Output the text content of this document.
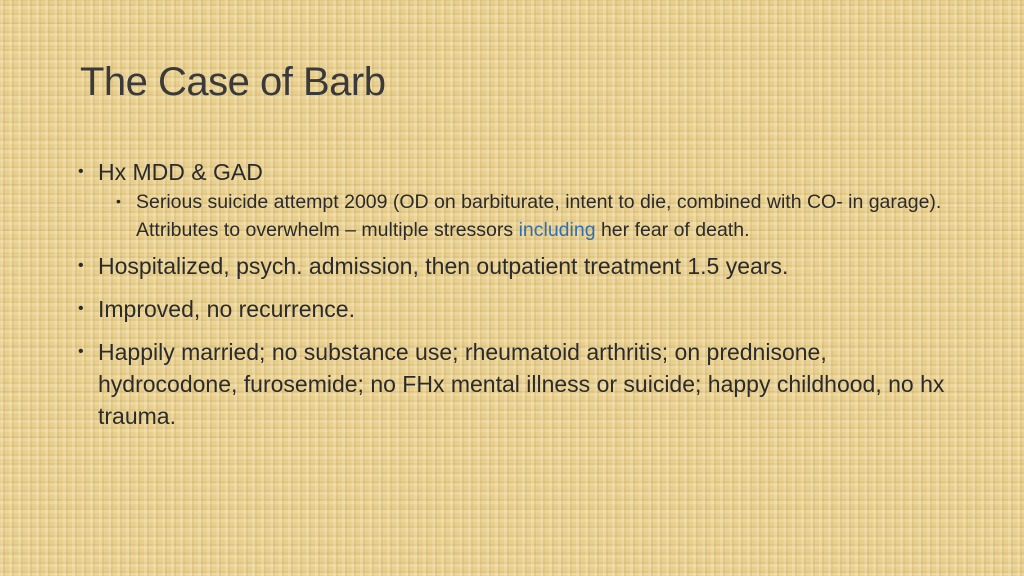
The Case of Barb
• Hx MDD & GAD
• Serious suicide attempt 2009 (OD on barbiturate, intent to die, combined with CO- in garage). Attributes to overwhelm – multiple stressors including her fear of death.
• Hospitalized, psych. admission, then outpatient treatment 1.5 years.
• Improved, no recurrence.
• Happily married; no substance use; rheumatoid arthritis; on prednisone, hydrocodone, furosemide; no FHx mental illness or suicide; happy childhood, no hx trauma.
